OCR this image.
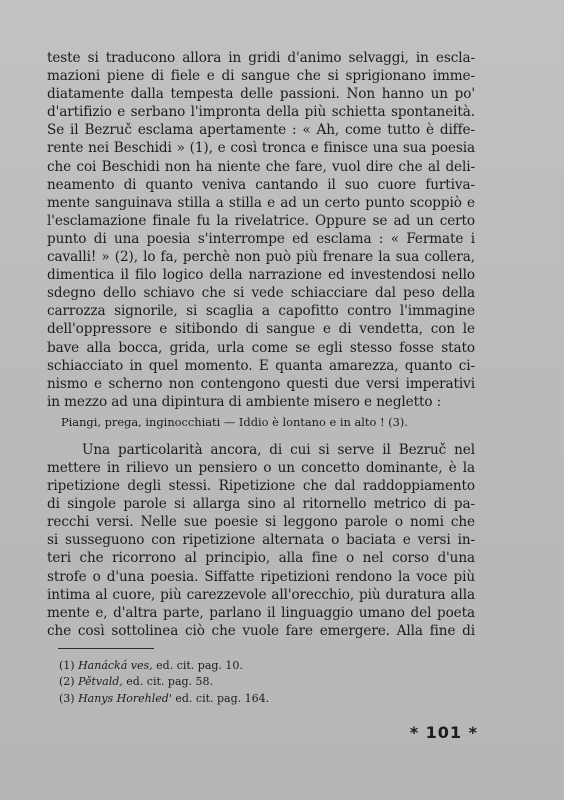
teste si traducono allora in gridi d'animo selvaggi, in escla-
mazioni piene di fiele e di sangue che si sprigionano imme-
diatamente dalla tempesta delle passioni. Non hanno un po'
d'artifizio e serbano l'impronta della più schietta spontaneità.
Se il Bezruč esclama apertamente : « Ah, come tutto è diffe-
rente nei Beschidi » (1), e così tronca e finisce una sua poesia
che coi Beschidi non ha niente che fare, vuol dire che al deli-
neamento di quanto veniva cantando il suo cuore furtiva-
mente sanguinava stilla a stilla e ad un certo punto scoppiò e
l'esclamazione finale fu la rivelatrice. Oppure se ad un certo
punto di una poesia s'interrompe ed esclama : « Fermate i
cavalli! » (2), lo fa, perchè non può più frenare la sua collera,
dimentica il filo logico della narrazione ed investendosi nello
sdegno dello schiavo che si vede schiacciare dal peso della
carrozza signorile, si scaglia a capofitto contro l'immagine
dell'oppressore e sitibondo di sangue e di vendetta, con le
bave alla bocca, grida, urla come se egli stesso fosse stato
schiacciato in quel momento. E quanta amarezza, quanto ci-
nismo e scherno non contengono questi due versi imperativi
in mezzo ad una dipintura di ambiente misero e negletto :
Piangi, prega, inginocchiati — Iddio è lontano e in alto ! (3).
Una particolarità ancora, di cui si serve il Bezruč nel
mettere in rilievo un pensiero o un concetto dominante, è la
ripetizione degli stessi. Ripetizione che dal raddoppiamento
di singole parole si allarga sino al ritornello metrico di pa-
recchi versi. Nelle sue poesie si leggono parole o nomi che
si susseguono con ripetizione alternata o baciata e versi in-
teri che ricorrono al principio, alla fine o nel corso d'una
strofe o d'una poesia. Siffatte ripetizioni rendono la voce più
intima al cuore, più carezzevole all'orecchio, più duratura alla
mente e, d'altra parte, parlano il linguaggio umano del poeta
che così sottolinea ciò che vuole fare emergere. Alla fine di
(1) Hanácká ves, ed. cit. pag. 10.
(2) Pětvald, ed. cit. pag. 58.
(3) Hanys Horehled' ed. cit. pag. 164.
* 101 *
